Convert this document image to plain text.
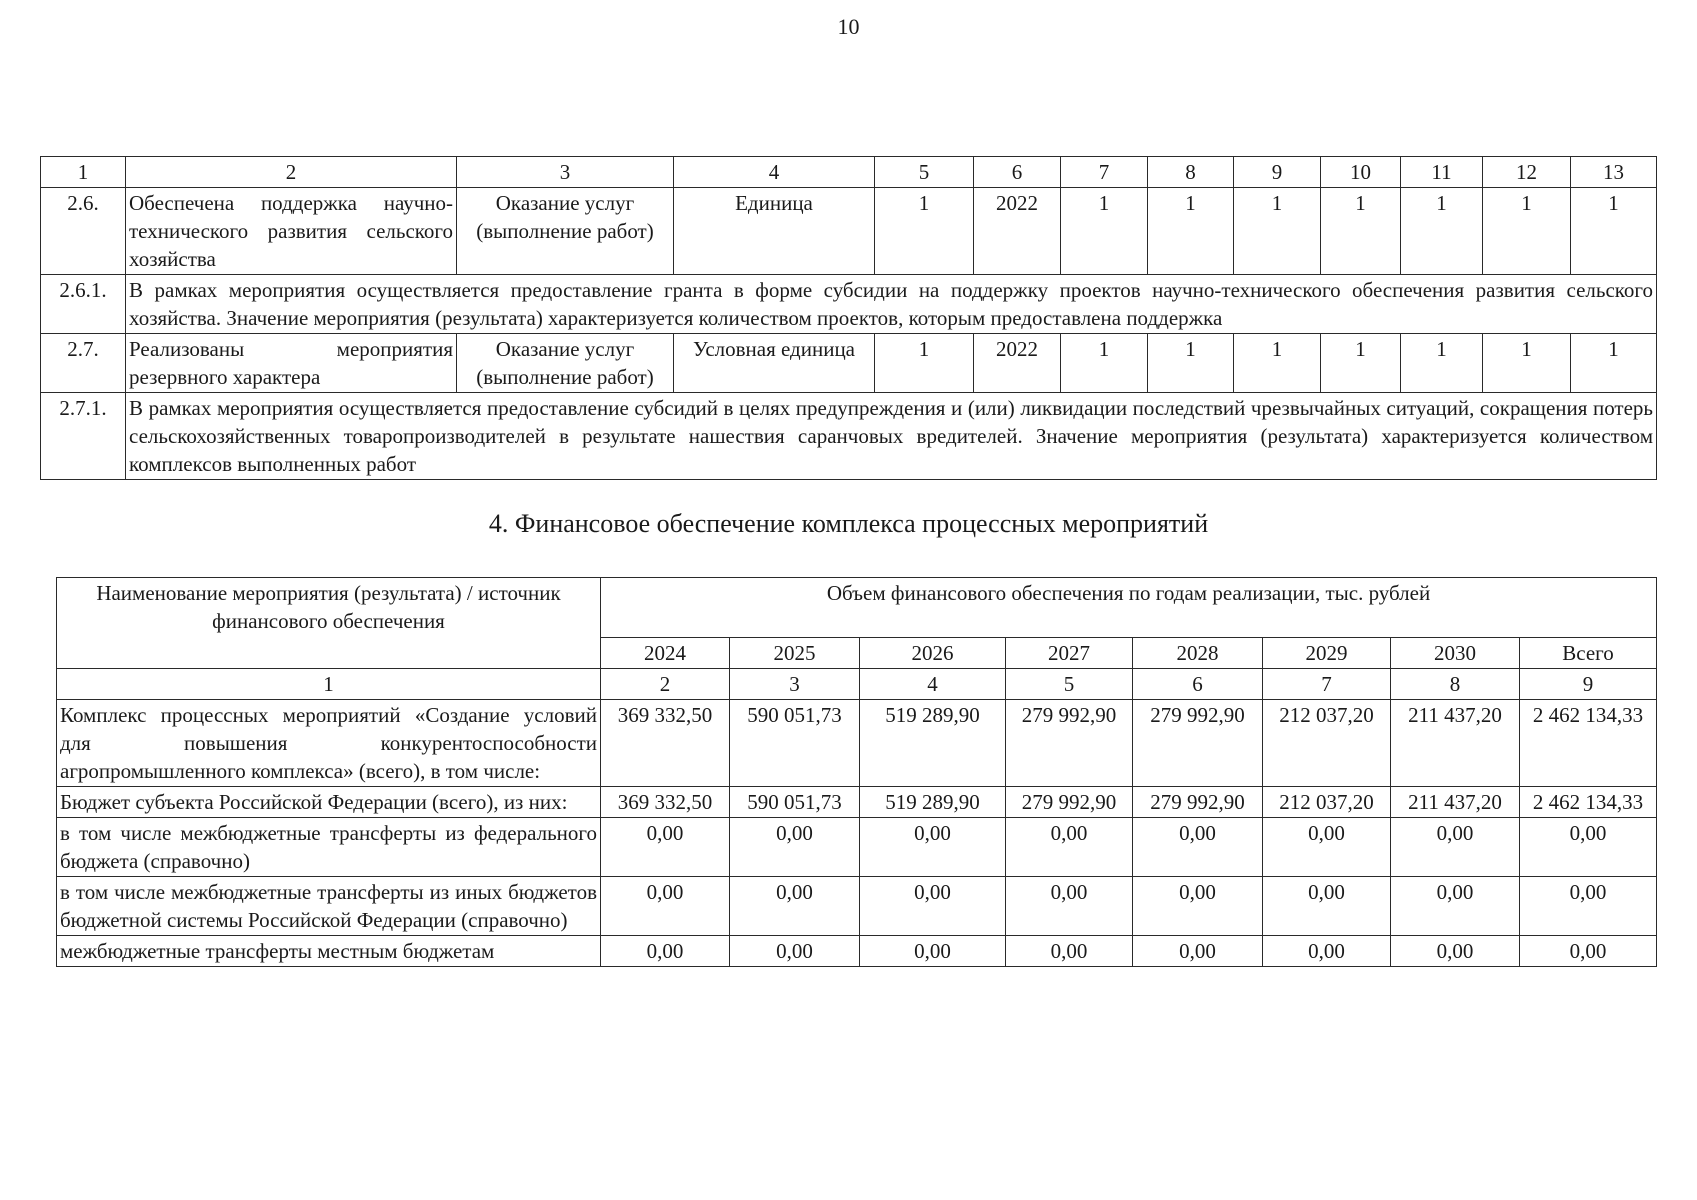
10
1	2	3	4	5	6	7	8	9	10	11	12	13
2.6.	Обеспечена поддержка научно-технического развития сельского хозяйства	Оказание услуг (выполнение работ)	Единица	1	2022	1	1	1	1	1	1	1
2.6.1.	В рамках мероприятия осуществляется предоставление гранта в форме субсидии на поддержку проектов научно-технического обеспечения развития сельского хозяйства. Значение мероприятия (результата) характеризуется количеством проектов, которым предоставлена поддержка											
2.7.	Реализованы мероприятия резервного характера	Оказание услуг (выполнение работ)	Условная единица	1	2022	1	1	1	1	1	1	1
2.7.1.	В рамках мероприятия осуществляется предоставление субсидий в целях предупреждения и (или) ликвидации последствий чрезвычайных ситуаций, сокращения потерь сельскохозяйственных товаропроизводителей в результате нашествия саранчовых вредителей. Значение мероприятия (результата) характеризуется количеством комплексов выполненных работ											
4. Финансовое обеспечение комплекса процессных мероприятий
Наименование мероприятия (результата) / источник финансового обеспечения	Объем финансового обеспечения по годам реализации, тыс. рублей							
	2024	2025	2026	2027	2028	2029	2030	Всего
1	2	3	4	5	6	7	8	9
Комплекс процессных мероприятий «Создание условий для повышения конкурентоспособности агропромышленного комплекса» (всего), в том числе:	369 332,50	590 051,73	519 289,90	279 992,90	279 992,90	212 037,20	211 437,20	2 462 134,33
Бюджет субъекта Российской Федерации (всего), из них:	369 332,50	590 051,73	519 289,90	279 992,90	279 992,90	212 037,20	211 437,20	2 462 134,33
в том числе межбюджетные трансферты из федерального бюджета (справочно)	0,00	0,00	0,00	0,00	0,00	0,00	0,00	0,00
в том числе межбюджетные трансферты из иных бюджетов бюджетной системы Российской Федерации (справочно)	0,00	0,00	0,00	0,00	0,00	0,00	0,00	0,00
межбюджетные трансферты местным бюджетам	0,00	0,00	0,00	0,00	0,00	0,00	0,00	0,00
